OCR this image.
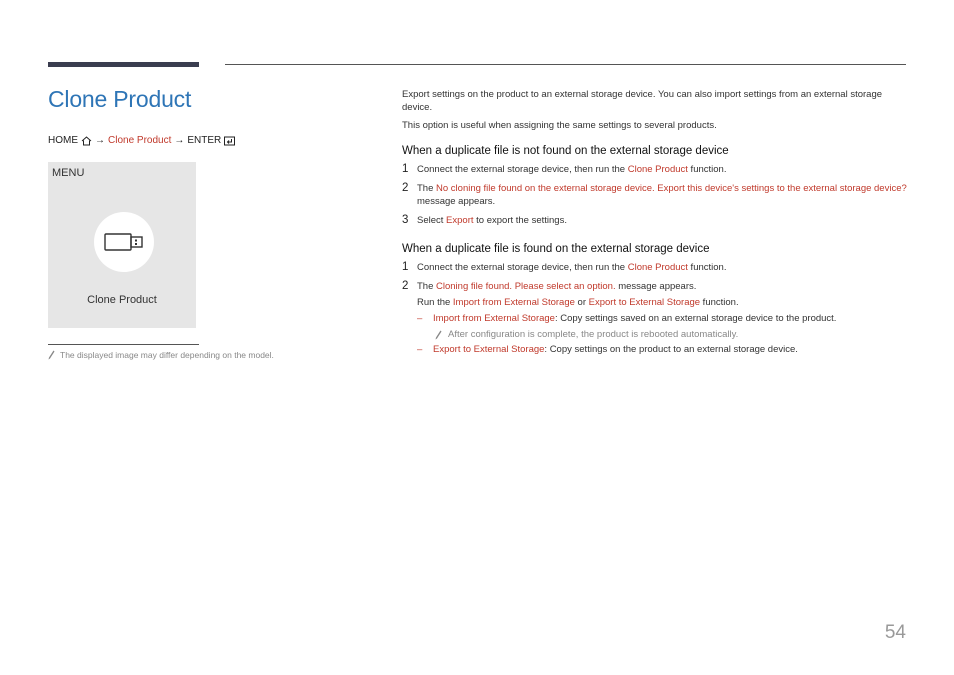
Clone Product
HOME → Clone Product → ENTER
MENU
Clone Product
The displayed image may differ depending on the model.

Export settings on the product to an external storage device. You can also import settings from an external storage device.

This option is useful when assigning the same settings to several products.

When a duplicate file is not found on the external storage device
1 Connect the external storage device, then run the Clone Product function.
2 The No cloning file found on the external storage device. Export this device's settings to the external storage device? message appears.
3 Select Export to export the settings.
When a duplicate file is found on the external storage device
1 Connect the external storage device, then run the Clone Product function.
2 The Cloning file found. Please select an option. message appears.
Run the Import from External Storage or Export to External Storage function.
–	Import from External Storage: Copy settings saved on an external storage device to the product.
After configuration is complete, the product is rebooted automatically.
–	Export to External Storage: Copy settings on the product to an external storage device.
54
